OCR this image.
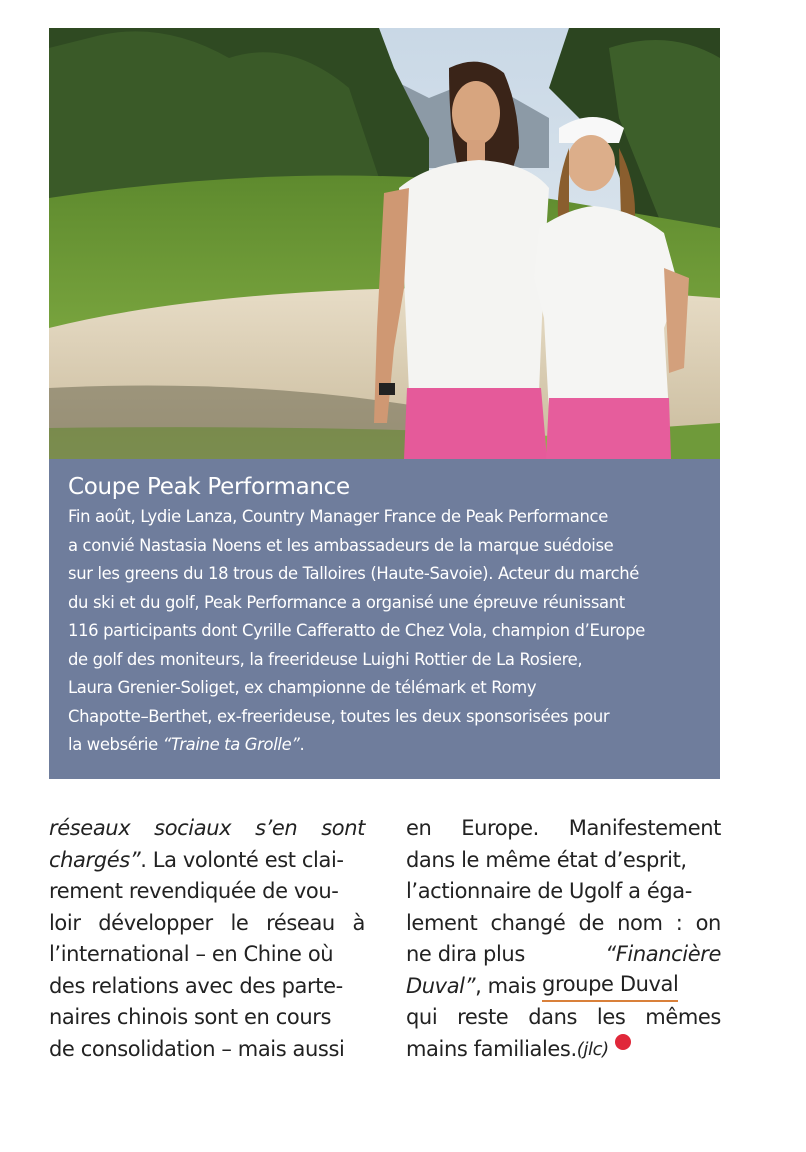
Coupe Peak Performance
Fin août, Lydie Lanza, Country Manager France de Peak Performance
a convié Nastasia Noens et les ambassadeurs de la marque suédoise
sur les greens du 18 trous de Talloires (Haute-Savoie). Acteur du marché
du ski et du golf, Peak Performance a organisé une épreuve réunissant
116 participants dont Cyrille Cafferatto de Chez Vola, champion d’Europe
de golf des moniteurs, la freerideuse Luighi Rottier de La Rosiere,
Laura Grenier-Soliget, ex championne de télémark et Romy
Chapotte–Berthet, ex-freerideuse, toutes les deux sponsorisées pour
la websérie “Traine ta Grolle”.
réseaux sociaux s’en sont
chargés” . La volonté est clai-
rement revendiquée de vou-
loir développer le réseau à
l’international – en Chine où
des relations avec des parte-
naires chinois sont en cours
de consolidation – mais aussi
en Europe. Manifestement
dans le même état d’esprit,
l’actionnaire de Ugolf a éga-
lement changé de nom : on
ne dira plus	“Financière
Duval” , mais groupe Duval
qui reste dans les mêmes
mains familiales. (jlc)
